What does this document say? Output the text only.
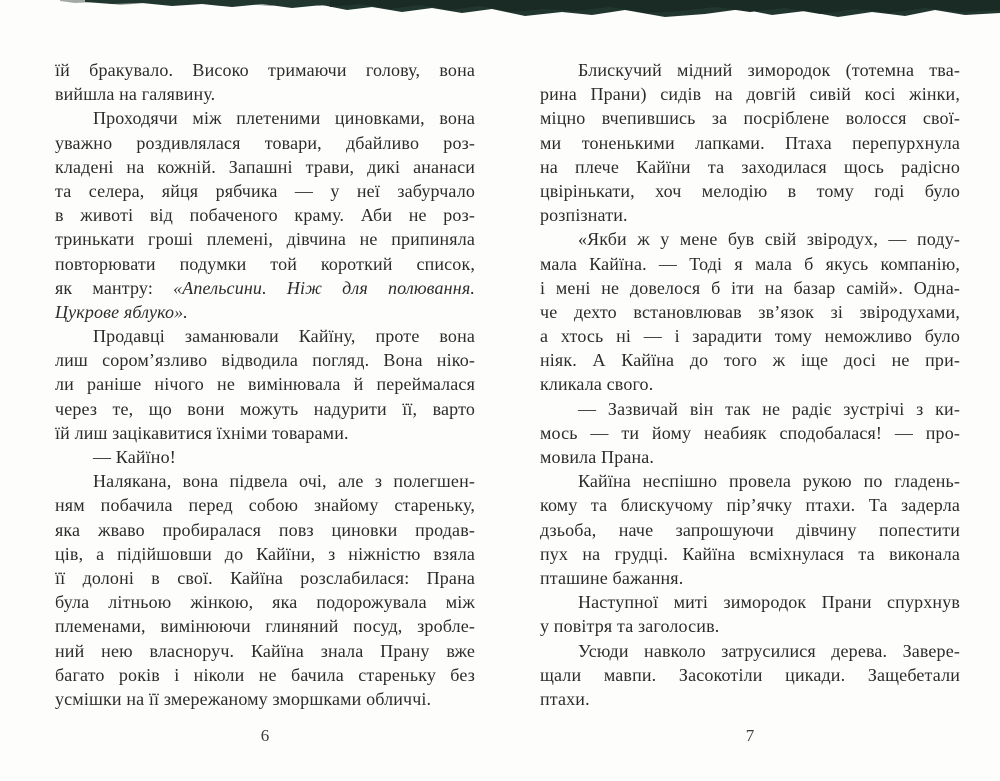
їй бракувало. Високо тримаючи голову, вона
вийшла на галявину.
Проходячи між плетеними циновками, вона
уважно роздивлялася товари, дбайливо роз-
кладені на кожній. Запашні трави, дикі ананаси
та селера, яйця рябчика — у неї забурчало
в животі від побаченого краму. Аби не роз-
тринькати гроші племені, дівчина не припиняла
повторювати подумки той короткий список,
як мантру: «Апельсини. Ніж для полювання.
Цукрове яблуко».
Продавці заманювали Кайїну, проте вона
лиш сором’язливо відводила погляд. Вона ніко-
ли раніше нічого не вимінювала й переймалася
через те, що вони можуть надурити її, варто
їй лиш зацікавитися їхніми товарами.
— Кайїно!
Налякана, вона підвела очі, але з полегшен-
ням побачила перед собою знайому стареньку,
яка жваво пробиралася повз циновки продав-
ців, а підійшовши до Кайїни, з ніжністю взяла
її долоні в свої. Кайїна розслабилася: Прана
була літньою жінкою, яка подорожувала між
племенами, вимінюючи глиняний посуд, зробле-
ний нею власноруч. Кайїна знала Прану вже
багато років і ніколи не бачила стареньку без
усмішки на її змережаному зморшками обличчі.
6
Блискучий мідний зимородок (тотемна тва-
рина Прани) сидів на довгій сивій косі жінки,
міцно вчепившись за посріблене волосся свої-
ми тоненькими лапками. Птаха перепурхнула
на плече Кайїни та заходилася щось радісно
цвірінькати, хоч мелодію в тому годі було
розпізнати.
«Якби ж у мене був свій звіродух, — поду-
мала Кайїна. — Тоді я мала б якусь компанію,
і мені не довелося б іти на базар самій». Одна-
че дехто встановлював зв’язок зі звіродухами,
а хтось ні — і зарадити тому неможливо було
ніяк. А Кайїна до того ж іще досі не при-
кликала свого.
— Зазвичай він так не радіє зустрічі з ки-
мось — ти йому неабияк сподобалася! — про-
мовила Прана.
Кайїна неспішно провела рукою по гладень-
кому та блискучому пір’ячку птахи. Та задерла
дзьоба, наче запрошуючи дівчину попестити
пух на грудці. Кайїна всміхнулася та виконала
пташине бажання.
Наступної миті зимородок Прани спурхнув
у повітря та заголосив.
Усюди навколо затрусилися дерева. Завере-
щали мавпи. Засокотіли цикади. Защебетали
птахи.
7
